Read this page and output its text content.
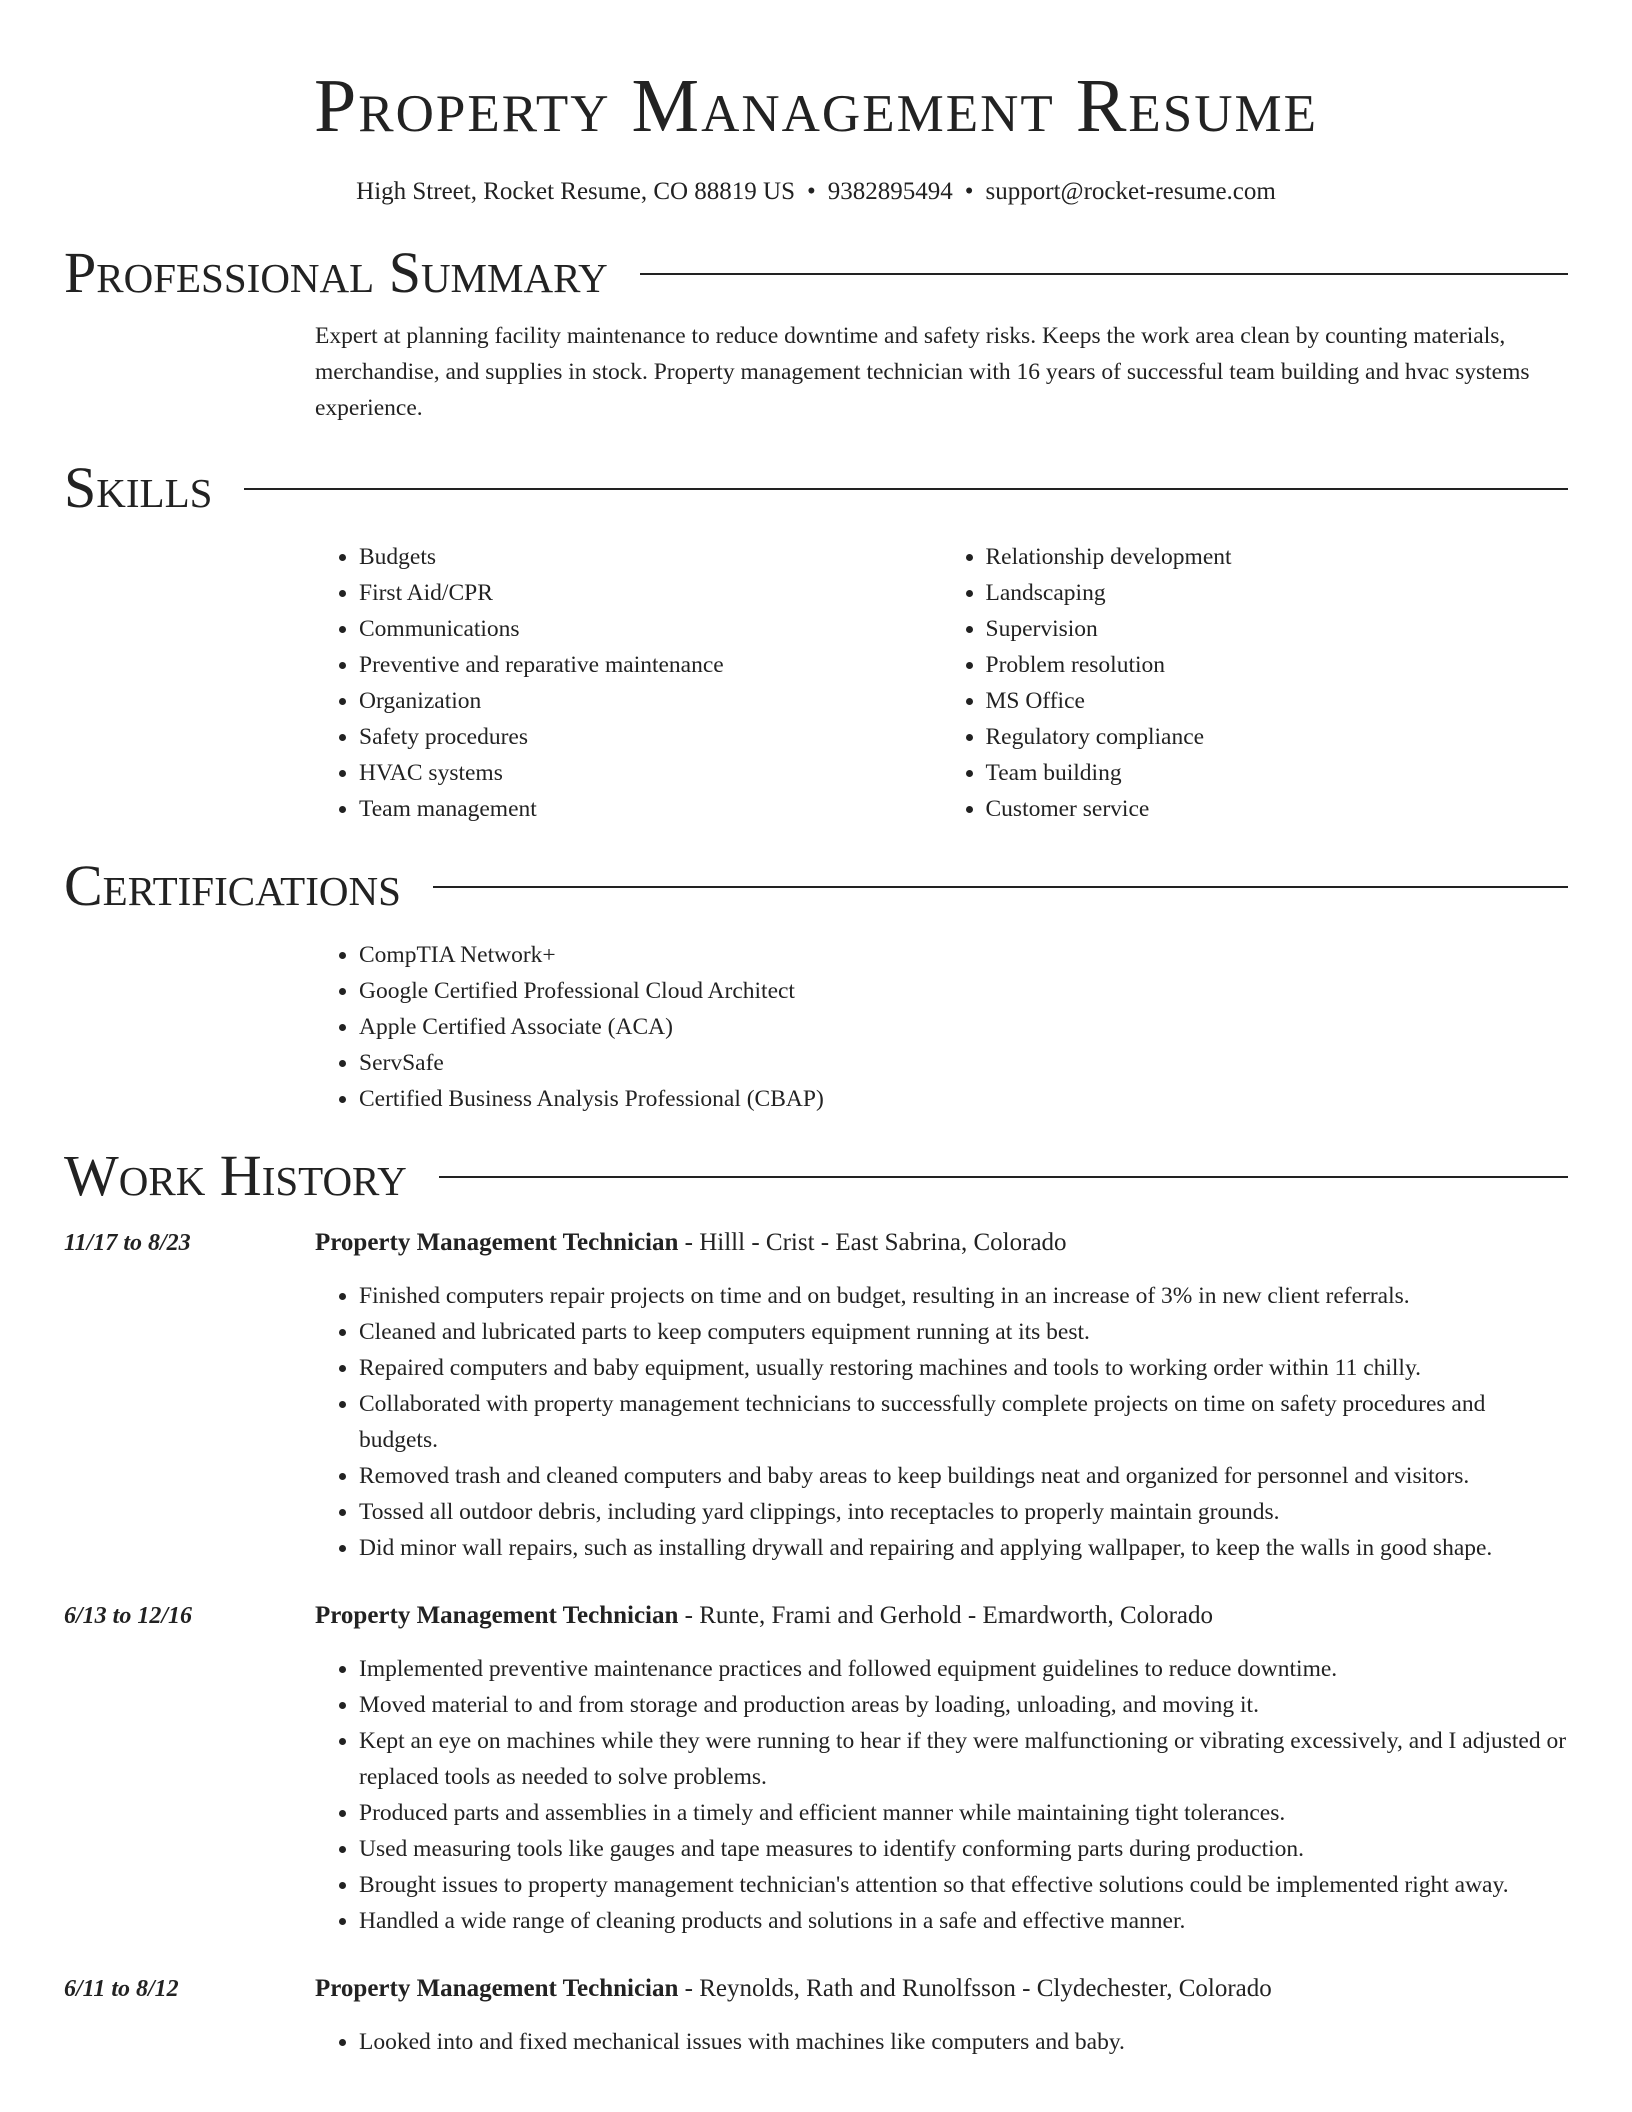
Property Management Resume
High Street, Rocket Resume, CO 88819 US • 9382895494 • support@rocket-resume.com
Professional Summary

Expert at planning facility maintenance to reduce downtime and safety risks. Keeps the work area clean by counting materials, merchandise, and supplies in stock. Property management technician with 16 years of successful team building and hvac systems experience.

Skills
• Budgets
• First Aid/CPR
• Communications
• Preventive and reparative maintenance
• Organization
• Safety procedures
• HVAC systems
• Team management
• Relationship development
• Landscaping
• Supervision
• Problem resolution
• MS Office
• Regulatory compliance
• Team building
• Customer service
Certifications
• CompTIA Network+
• Google Certified Professional Cloud Architect
• Apple Certified Associate (ACA)
• ServSafe
• Certified Business Analysis Professional (CBAP)
Work History
11/17 to 8/23	Property Management Technician - Hilll - Crist - East Sabrina, Colorado
• Finished computers repair projects on time and on budget, resulting in an increase of 3% in new client referrals.
• Cleaned and lubricated parts to keep computers equipment running at its best.
• Repaired computers and baby equipment, usually restoring machines and tools to working order within 11 chilly.
• Collaborated with property management technicians to successfully complete projects on time on safety procedures and budgets.
• Removed trash and cleaned computers and baby areas to keep buildings neat and organized for personnel and visitors.
• Tossed all outdoor debris, including yard clippings, into receptacles to properly maintain grounds.
• Did minor wall repairs, such as installing drywall and repairing and applying wallpaper, to keep the walls in good shape.
6/13 to 12/16	Property Management Technician - Runte, Frami and Gerhold - Emardworth, Colorado
• Implemented preventive maintenance practices and followed equipment guidelines to reduce downtime.
• Moved material to and from storage and production areas by loading, unloading, and moving it.
• Kept an eye on machines while they were running to hear if they were malfunctioning or vibrating excessively, and I adjusted or replaced tools as needed to solve problems.
• Produced parts and assemblies in a timely and efficient manner while maintaining tight tolerances.
• Used measuring tools like gauges and tape measures to identify conforming parts during production.
• Brought issues to property management technician's attention so that effective solutions could be implemented right away.
• Handled a wide range of cleaning products and solutions in a safe and effective manner.
6/11 to 8/12	Property Management Technician - Reynolds, Rath and Runolfsson - Clydechester, Colorado
• Looked into and fixed mechanical issues with machines like computers and baby.
